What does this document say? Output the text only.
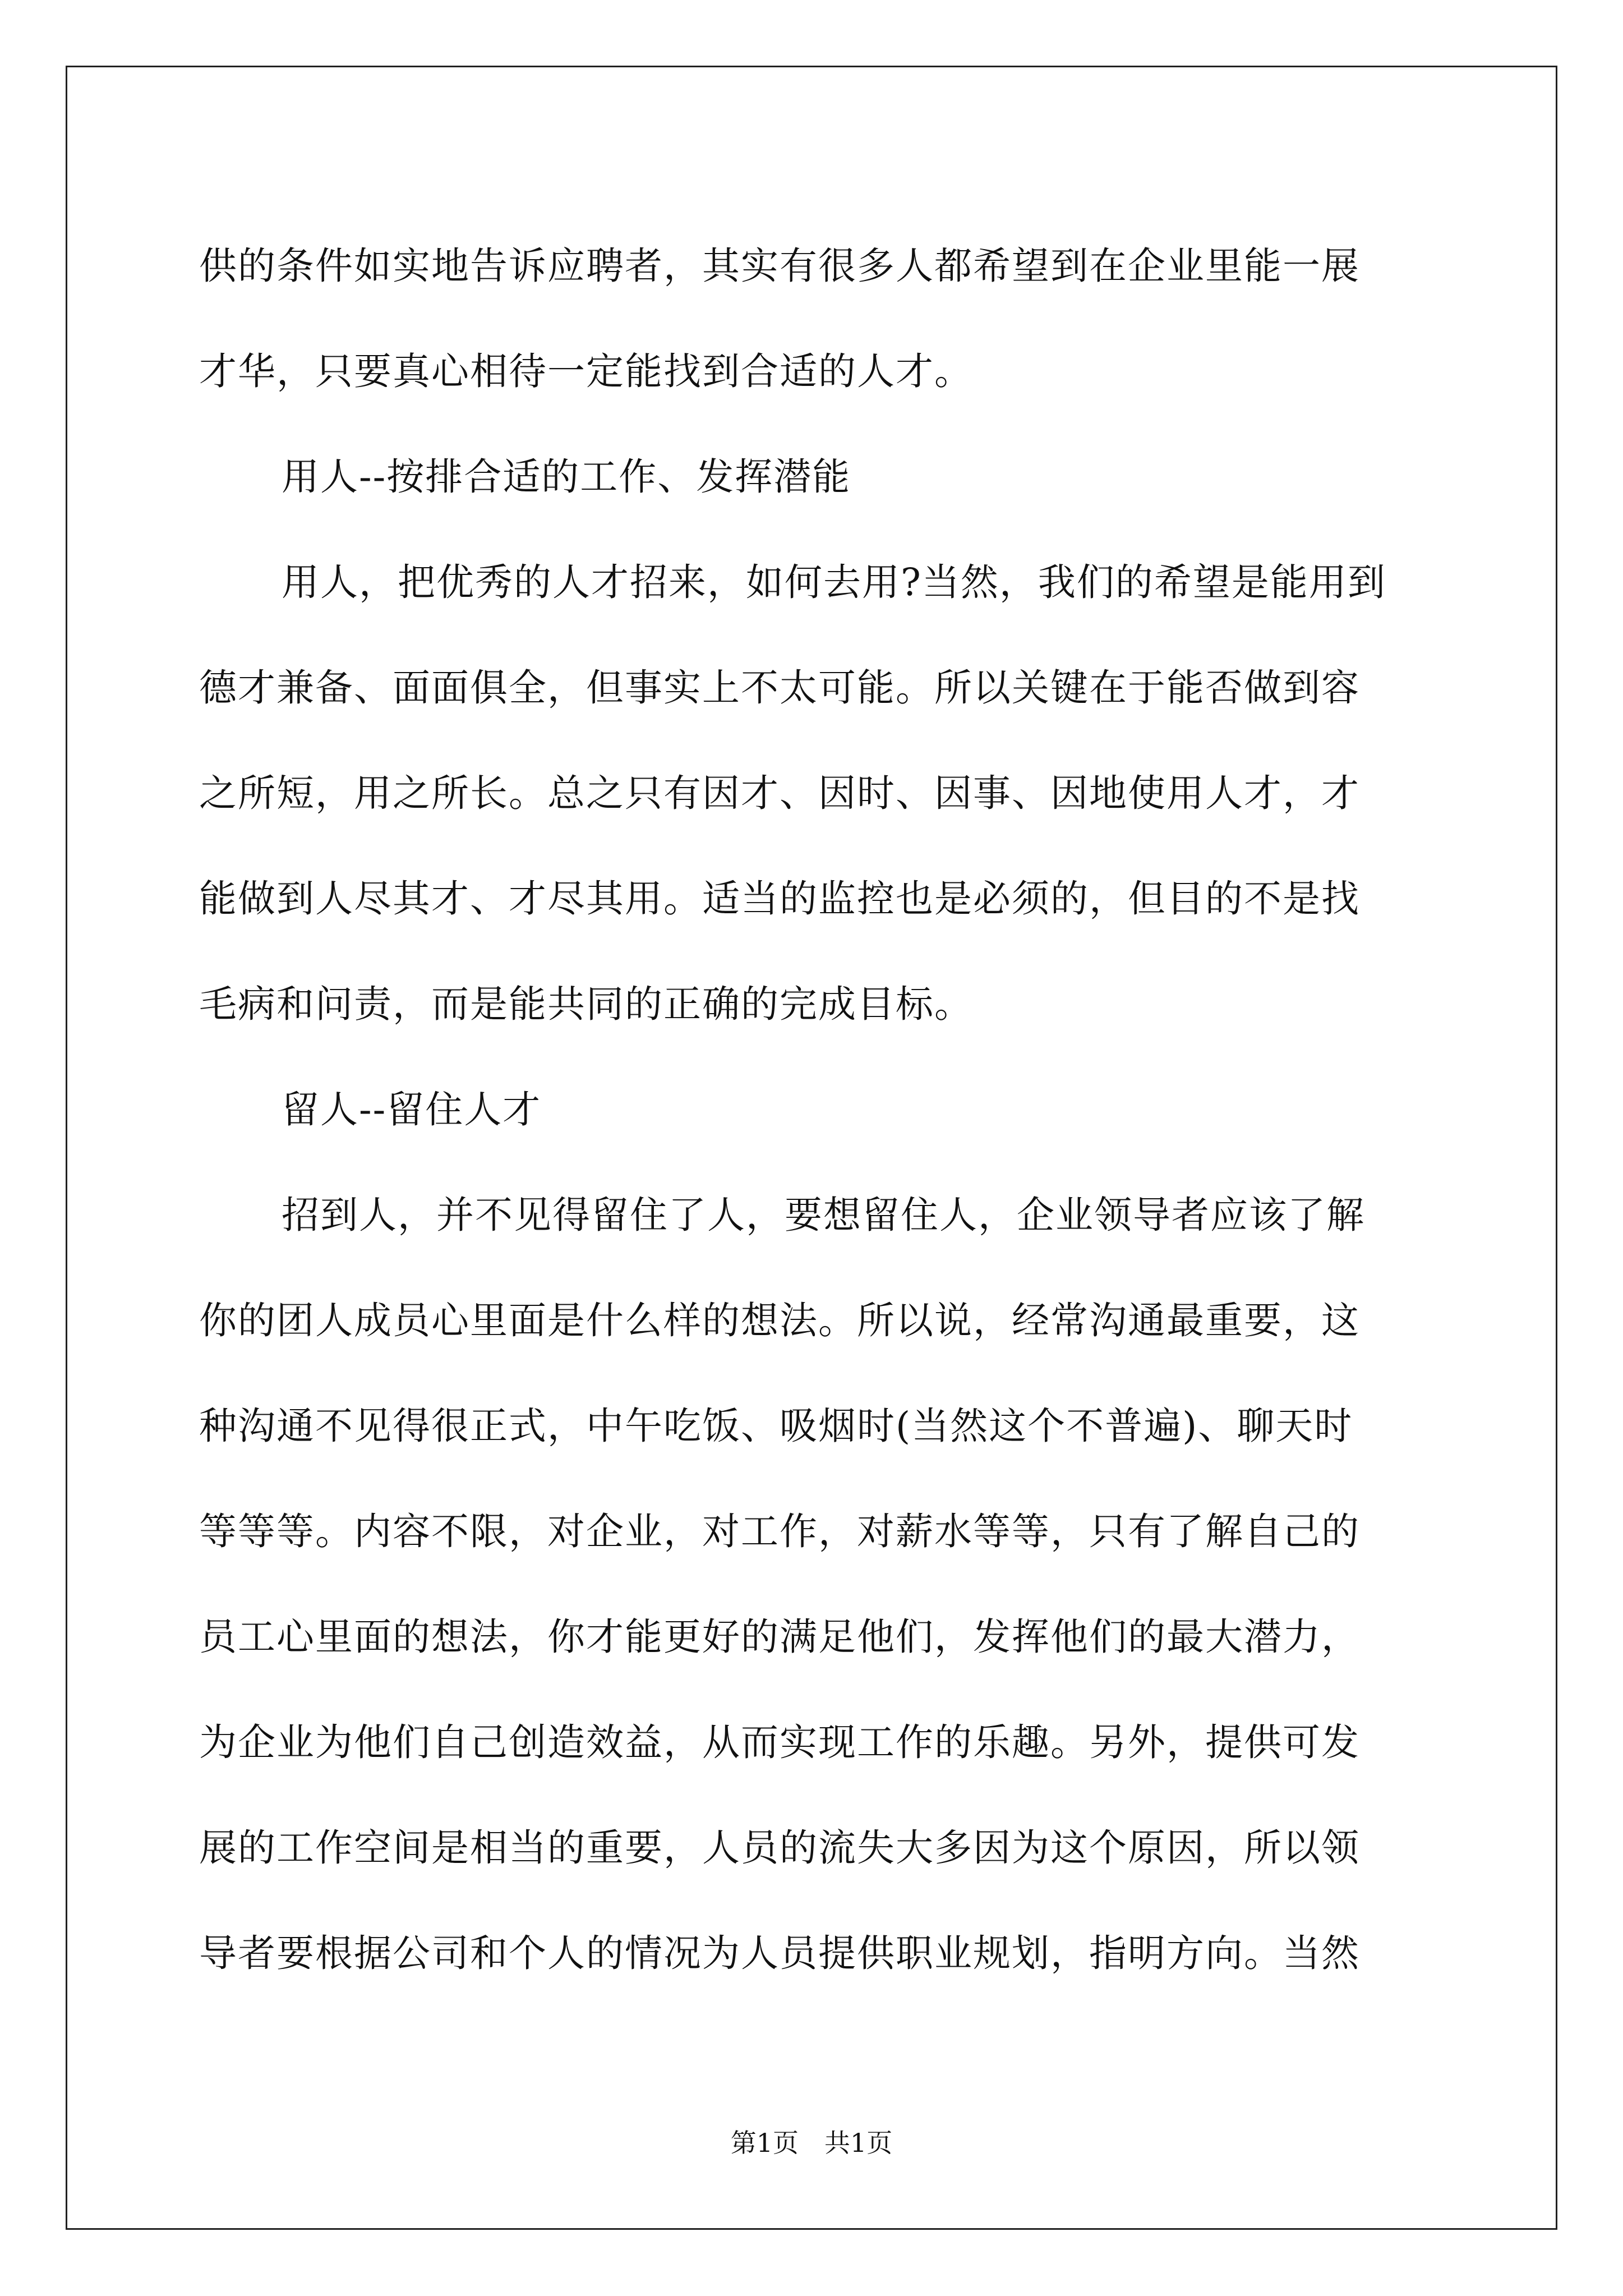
供的条件如实地告诉应聘者，其实有很多人都希望到在企业里能一展
才华，只要真心相待一定能找到合适的人才。
用人--按排合适的工作、发挥潜能
用人，把优秀的人才招来，如何去用?当然，我们的希望是能用到
德才兼备、面面俱全，但事实上不太可能。所以关键在于能否做到容
之所短，用之所长。总之只有因才、因时、因事、因地使用人才，才
能做到人尽其才、才尽其用。适当的监控也是必须的，但目的不是找
毛病和问责，而是能共同的正确的完成目标。
留人--留住人才
招到人，并不见得留住了人，要想留住人，企业领导者应该了解
你的团人成员心里面是什么样的想法。所以说，经常沟通最重要，这
种沟通不见得很正式，中午吃饭、吸烟时(当然这个不普遍)、聊天时
等等等。内容不限，对企业，对工作，对薪水等等，只有了解自己的
员工心里面的想法，你才能更好的满足他们，发挥他们的最大潜力，
为企业为他们自己创造效益，从而实现工作的乐趣。另外，提供可发
展的工作空间是相当的重要，人员的流失大多因为这个原因，所以领
导者要根据公司和个人的情况为人员提供职业规划，指明方向。当然
第1页　共1页
